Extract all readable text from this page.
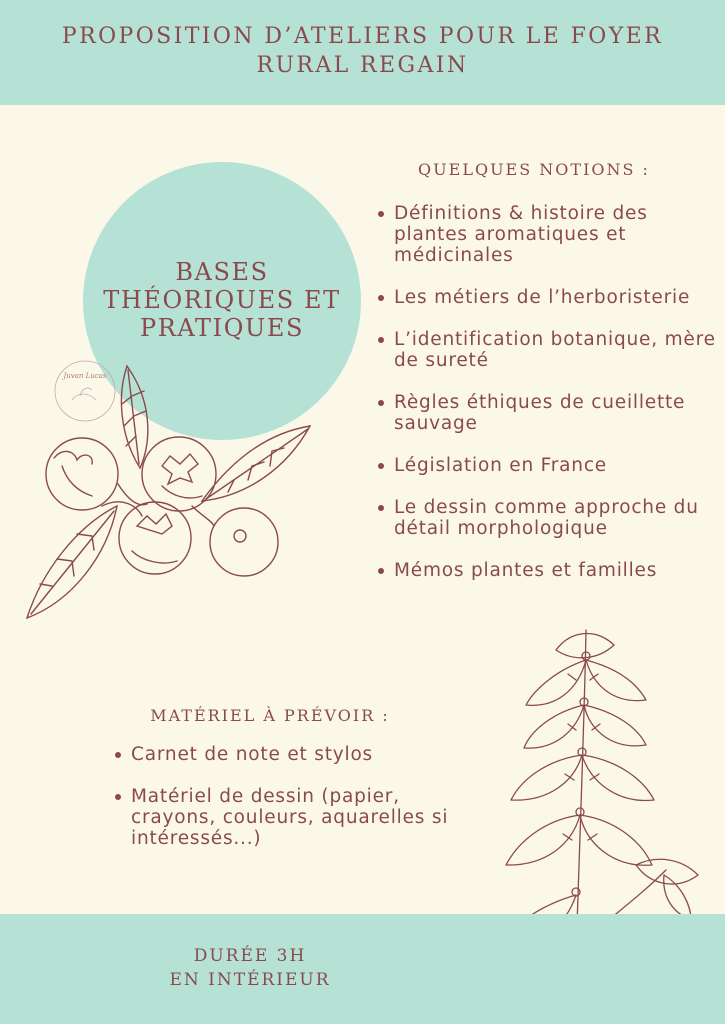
PROPOSITION D’ATELIERS POUR LE FOYER
RURAL REGAIN
Juvan Lucas
BASES
THÉORIQUES ET
PRATIQUES
QUELQUES NOTIONS :
Définitions & histoire des plantes aromatiques et médicinales
Les métiers de l’herboristerie
L’identification botanique, mère de sureté
Règles éthiques de cueillette sauvage
Législation en France
Le dessin comme approche du détail morphologique
Mémos plantes et familles
MATÉRIEL À PRÉVOIR :
Carnet de note et stylos
Matériel de dessin (papier, crayons, couleurs, aquarelles si intéressés...)
DURÉE 3H
EN INTÉRIEUR
